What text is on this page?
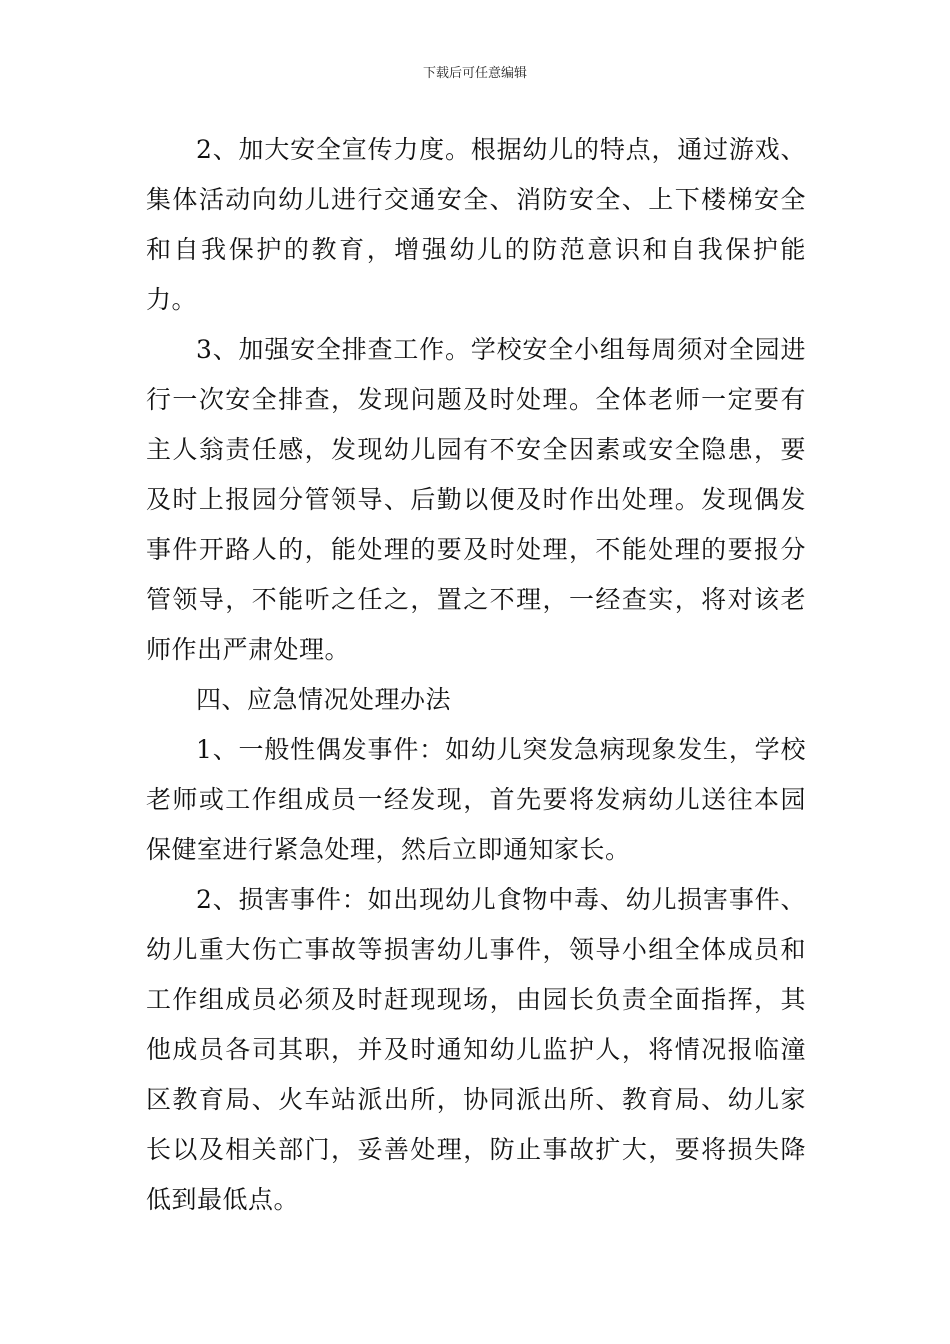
下载后可任意编辑

2、加大安全宣传力度。根据幼儿的特点，通过游戏、集体活动向幼儿进行交通安全、消防安全、上下楼梯安全和自我保护的教育，增强幼儿的防范意识和自我保护能力。

3、加强安全排查工作。学校安全小组每周须对全园进行一次安全排查，发现问题及时处理。全体老师一定要有主人翁责任感，发现幼儿园有不安全因素或安全隐患，要及时上报园分管领导、后勤以便及时作出处理。发现偶发事件开路人的，能处理的要及时处理，不能处理的要报分管领导，不能听之任之，置之不理，一经查实，将对该老师作出严肃处理。

四、应急情况处理办法

1、一般性偶发事件：如幼儿突发急病现象发生，学校老师或工作组成员一经发现，首先要将发病幼儿送往本园保健室进行紧急处理，然后立即通知家长。

2、损害事件：如出现幼儿食物中毒、幼儿损害事件、幼儿重大伤亡事故等损害幼儿事件，领导小组全体成员和工作组成员必须及时赶现现场，由园长负责全面指挥，其他成员各司其职，并及时通知幼儿监护人，将情况报临潼区教育局、火车站派出所，协同派出所、教育局、幼儿家长以及相关部门，妥善处理，防止事故扩大，要将损失降低到最低点。
